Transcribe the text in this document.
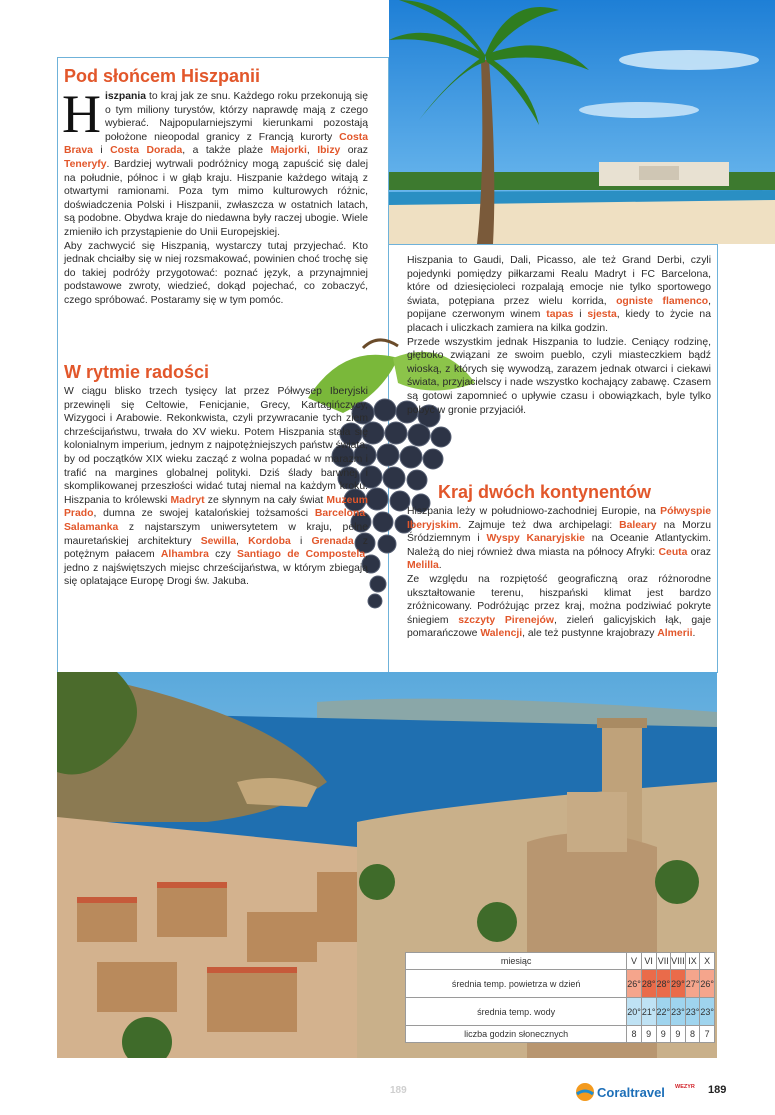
Pod słońcem Hiszpanii
W rytmie radości
Kraj dwóch kontynentów

Hiszpania to kraj jak ze snu. Każdego roku przekonują się o tym miliony turystów, którzy naprawdę mają z czego wybierać. Najpopularniejszymi kierunkami pozostają położone nieopodal granicy z Francją kurorty Costa Brava i Costa Dorada, a także plaże Majorki, Ibizy oraz Teneryfy. Bardziej wytrwali podróżnicy mogą zapuścić się dalej na południe, północ i w głąb kraju. Hiszpanie każdego witają z otwartymi ramionami. Poza tym mimo kulturowych różnic, doświadczenia Polski i Hiszpanii, zwłaszcza w ostatnich latach, są podobne. Obydwa kraje do niedawna były raczej ubogie. Wiele zmieniło ich przystąpienie do Unii Europejskiej.

Aby zachwycić się Hiszpanią, wystarczy tutaj przyjechać. Kto jednak chciałby się w niej rozsmakować, powinien choć trochę się do takiej podróży przygotować: poznać język, a przynajmniej podstawowe zwroty, wiedzieć, dokąd pojechać, co zobaczyć, czego spróbować. Postaramy się w tym pomóc.

W ciągu blisko trzech tysięcy lat przez Półwysep Iberyjski przewinęli się Celtowie, Fenicjanie, Grecy, Kartagińczycy, Wizygoci i Arabowie. Rekonkwista, czyli przywracanie tych ziem chrześcijaństwu, trwała do XV wieku. Potem Hiszpania stała się kolonialnym imperium, jednym z najpotężniejszych państw świata, by od początków XIX wieku zacząć z wolna popadać w marazm i trafić na margines globalnej polityki. Dziś ślady barwnej i skomplikowanej przeszłości widać tutaj niemal na każdym kroku. Hiszpania to królewski Madryt ze słynnym na cały świat Muzeum Prado, dumna ze swojej katalońskiej tożsamości Barcelona, Salamanka z najstarszym uniwersytetem w kraju, pełne mauretańskiej architektury Sewilla, Kordoba i Grenada z potężnym pałacem Alhambra czy Santiago de Compostela, jedno z najświętszych miejsc chrześcijaństwa, w którym zbiegają się oplatające Europę Drogi św. Jakuba.

Hiszpania to Gaudi, Dali, Picasso, ale też Grand Derbi, czyli pojedynki pomiędzy piłkarzami Realu Madryt i FC Barcelona, które od dziesięcioleci rozpalają emocje nie tylko sportowego świata, potępiana przez wielu korrida, ogniste flamenco, popijane czerwonym winem tapas i sjesta, kiedy to życie na placach i uliczkach zamiera na kilka godzin.

Przede wszystkim jednak Hiszpania to ludzie. Ceniący rodzinę, głęboko związani ze swoim pueblo, czyli miasteczkiem bądź wioską, z których się wywodzą, zarazem jednak otwarci i ciekawi świata, przyjacielscy i nade wszystko kochający zabawę. Czasem są gotowi zapomnieć o upływie czasu i obowiązkach, byle tylko pobyć w gronie przyjaciół.

Hiszpania leży w południowo-zachodniej Europie, na Półwyspie Iberyjskim. Zajmuje też dwa archipelagi: Baleary na Morzu Śródziemnym i Wyspy Kanaryjskie na Oceanie Atlantyckim. Należą do niej również dwa miasta na północy Afryki: Ceuta oraz Melilla.

Ze względu na rozpiętość geograficzną oraz różnorodne ukształtowanie terenu, hiszpański klimat jest bardzo zróżnicowany. Podróżując przez kraj, można podziwiać pokryte śniegiem szczyty Pirenejów, zieleń galicyjskich łąk, gaje pomarańczowe Walencji, ale też pustynne krajobrazy Almerii.

miesiąc	V	VI	VII	VIII	IX	X
średnia temp. powietrza w dzień	26°	28°	28°	29°	27°	26°
średnia temp. wody	20°	21°	22°	23°	23°	23°
liczba godzin słonecznych	8	9	9	9	8	7
189	Coraltravel WEZYR 189
